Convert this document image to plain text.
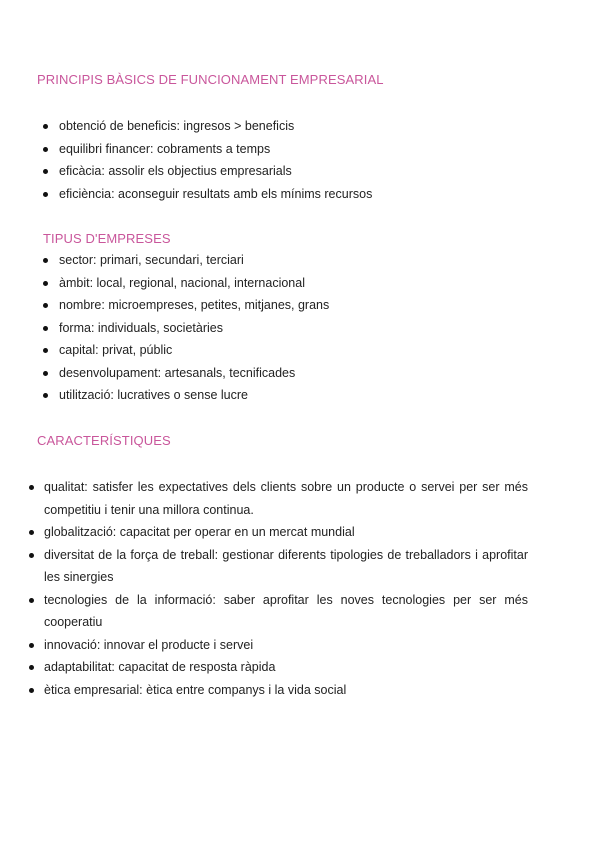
PRINCIPIS BÀSICS DE FUNCIONAMENT EMPRESARIAL
obtenció de beneficis: ingresos > beneficis
equilibri financer: cobraments a temps
eficàcia: assolir els objectius empresarials
eficiència: aconseguir resultats amb els mínims recursos
TIPUS D'EMPRESES
sector: primari, secundari, terciari
àmbit: local, regional, nacional, internacional
nombre: microempreses, petites, mitjanes, grans
forma: individuals, societàries
capital: privat, públic
desenvolupament: artesanals, tecnificades
utilització: lucratives o sense lucre
CARACTERÍSTIQUES
qualitat: satisfer les expectatives dels clients sobre un producte o servei per ser més competitiu i tenir una millora continua.
globalització: capacitat per operar en un mercat mundial
diversitat de la força de treball: gestionar diferents tipologies de treballadors i aprofitar les sinergies
tecnologies de la informació: saber aprofitar les noves tecnologies per ser més cooperatiu
innovació: innovar el producte i servei
adaptabilitat: capacitat de resposta ràpida
ètica empresarial: ètica entre companys i la vida social
